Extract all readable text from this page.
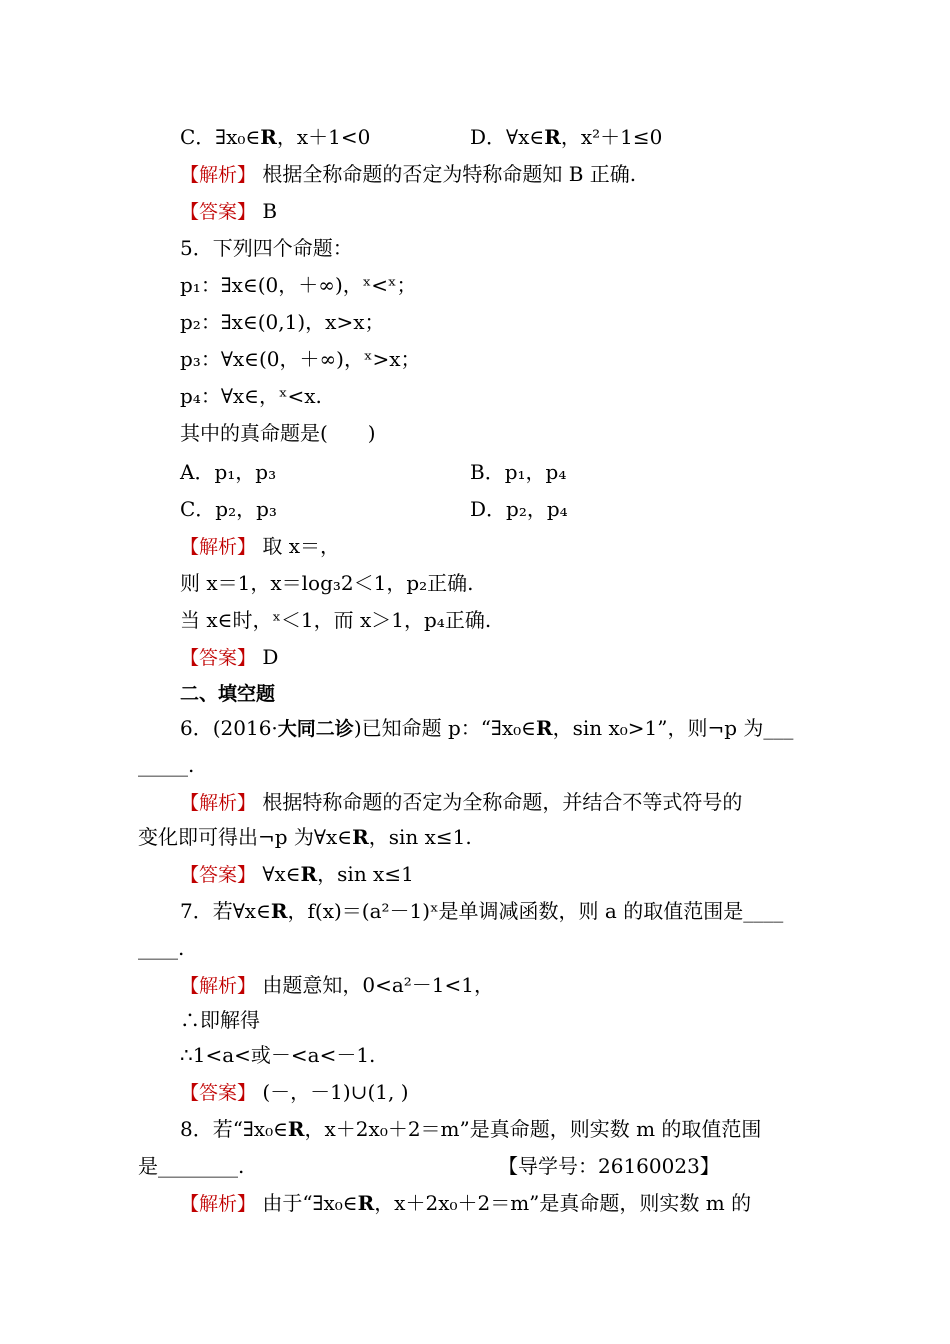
C．∃x₀∈R，x＋1<0	D．∀x∈R，x²＋1≤0
【解析】 根据全称命题的否定为特称命题知 B 正确.
【答案】 B
5．下列四个命题：
p₁：∃x∈(0，＋∞)，ˣ<ˣ；
p₂：∃x∈(0,1)，x>x；
p₃：∀x∈(0，＋∞)，ˣ>x；
p₄：∀x∈，ˣ<x.
其中的真命题是(　　)
A．p₁，p₃	B．p₁，p₄
C．p₂，p₃	D．p₂，p₄
【解析】 取 x＝，
则 x＝1，x＝log₃2＜1，p₂正确.
当 x∈时，ˣ＜1，而 x＞1，p₄正确.
【答案】 D
二、填空题
6．(2016·大同二诊)已知命题 p：“∃x₀∈R，sin x₀>1”，则¬p 为___
_____.
【解析】 根据特称命题的否定为全称命题，并结合不等式符号的
变化即可得出¬p 为∀x∈R，sin x≤1.
【答案】 ∀x∈R，sin x≤1
7．若∀x∈R，f(x)＝(a²－1)ˣ是单调减函数，则 a 的取值范围是____
____.
【解析】 由题意知，0<a²－1<1，
∴即解得
∴1<a<或－<a<－1.
【答案】 (－，－1)∪(1, )
8．若“∃x₀∈R，x＋2x₀＋2＝m”是真命题，则实数 m 的取值范围
是________.	【导学号：26160023】
【解析】 由于“∃x₀∈R，x＋2x₀＋2＝m”是真命题，则实数 m 的
